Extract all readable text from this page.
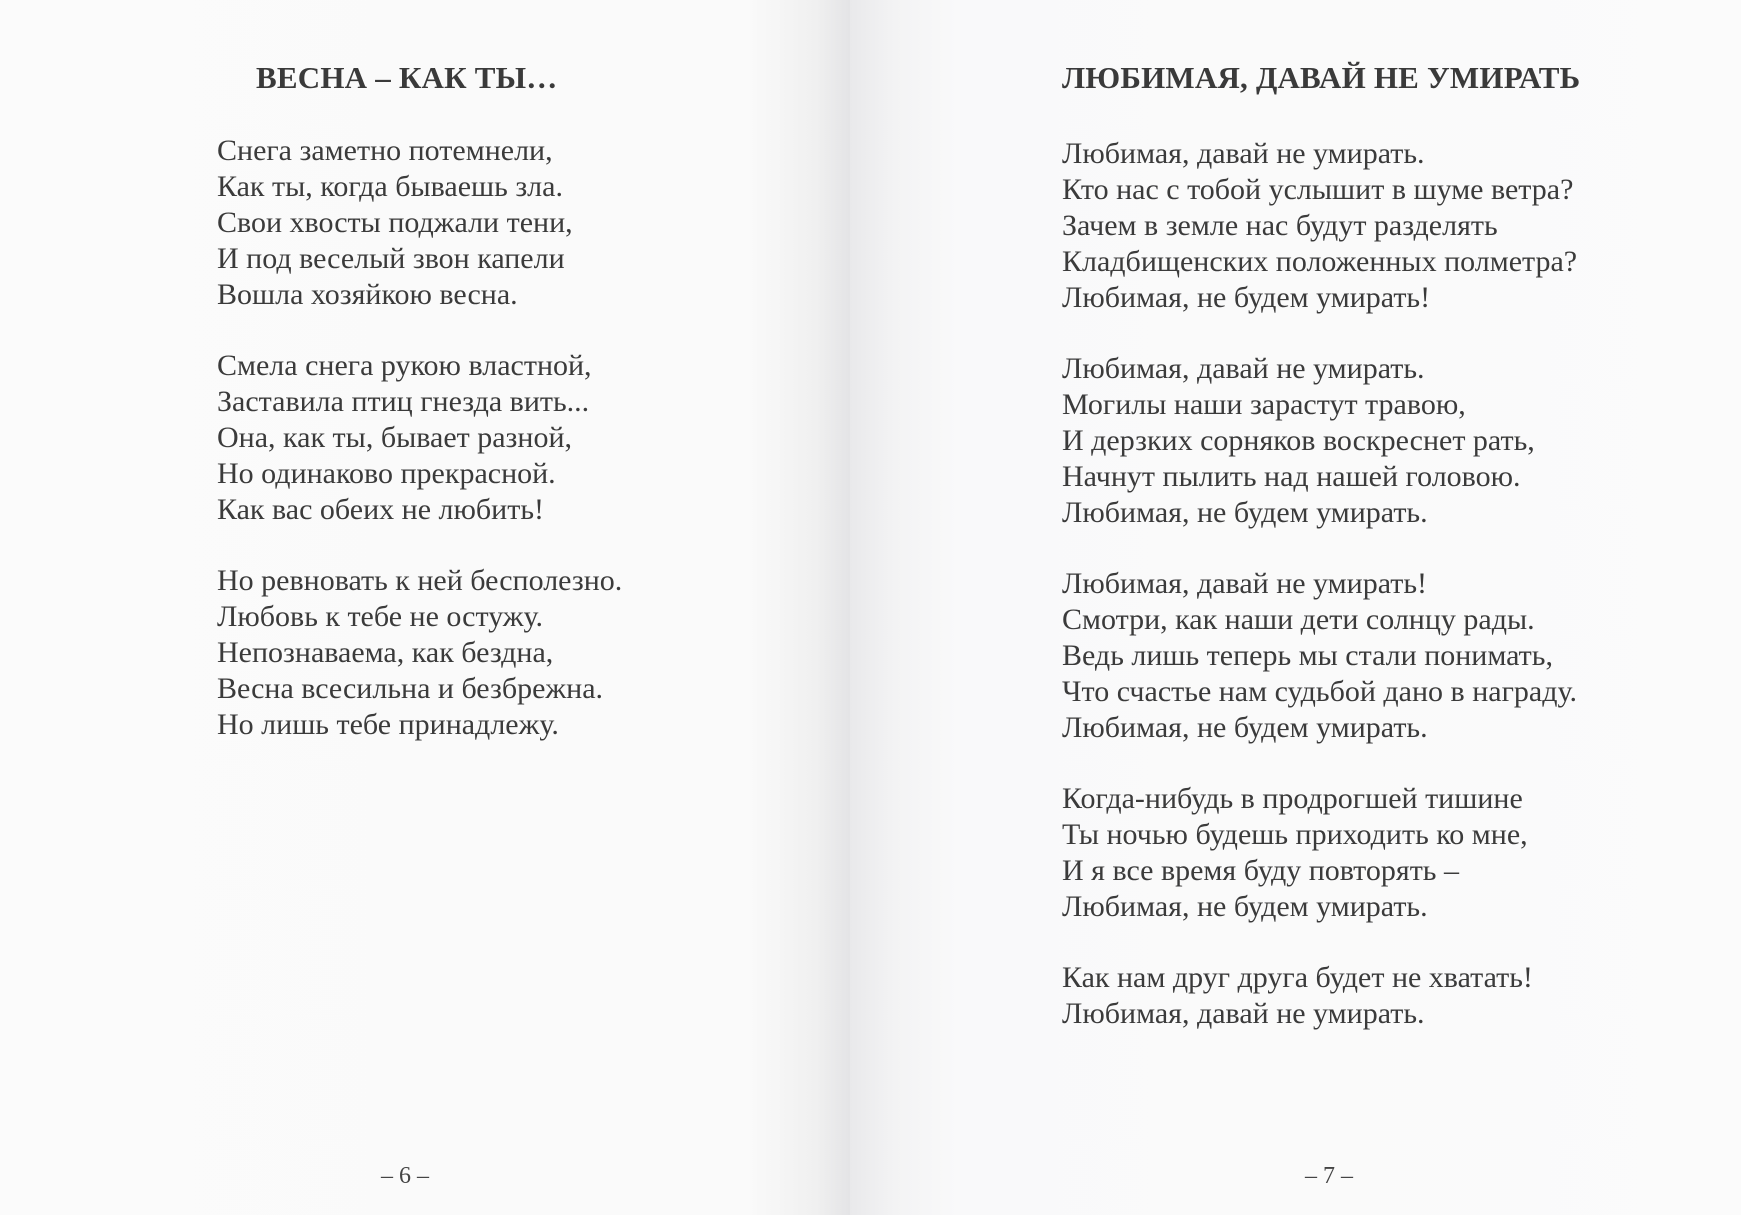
ВЕСНА – КАК ТЫ…

Снега заметно потемнели,
Как ты, когда бываешь зла.
Свои хвосты поджали тени,
И под веселый звон капели
Вошла хозяйкою весна.

Смела снега рукою властной,
Заставила птиц гнезда вить...
Она, как ты, бывает разной,
Но одинаково прекрасной.
Как вас обеих не любить!

Но ревновать к ней бесполезно.
Любовь к тебе не остужу.
Непознаваема, как бездна,
Весна всесильна и безбрежна.
Но лишь тебе принадлежу.

– 6 –
ЛЮБИМАЯ, ДАВАЙ НЕ УМИРАТЬ

Любимая, давай не умирать.
Кто нас с тобой услышит в шуме ветра?
Зачем в земле нас будут разделять
Кладбищенских положенных полметра?
Любимая, не будем умирать!

Любимая, давай не умирать.
Могилы наши зарастут травою,
И дерзких сорняков воскреснет рать,
Начнут пылить над нашей головою.
Любимая, не будем умирать.

Любимая, давай не умирать!
Смотри, как наши дети солнцу рады.
Ведь лишь теперь мы стали понимать,
Что счастье нам судьбой дано в награду.
Любимая, не будем умирать.

Когда-нибудь в продрогшей тишине
Ты ночью будешь приходить ко мне,
И я все время буду повторять –
Любимая, не будем умирать.

Как нам друг друга будет не хватать!
Любимая, давай не умирать.

– 7 –
